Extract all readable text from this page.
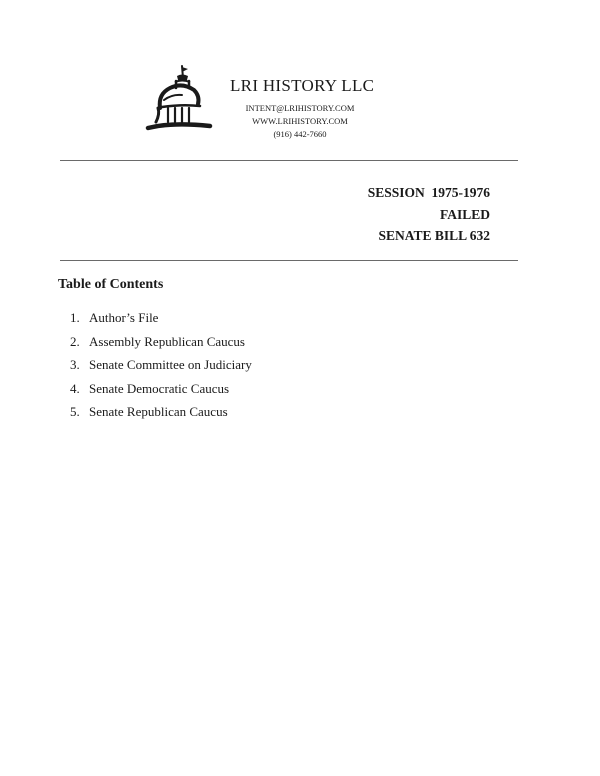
LRI HISTORY LLC
INTENT@LRIHISTORY.COM
WWW.LRIHISTORY.COM
(916) 442-7660
SESSION  1975-1976
FAILED
SENATE BILL 632
Table of Contents
1. Author’s File
2. Assembly Republican Caucus
3. Senate Committee on Judiciary
4. Senate Democratic Caucus
5. Senate Republican Caucus
